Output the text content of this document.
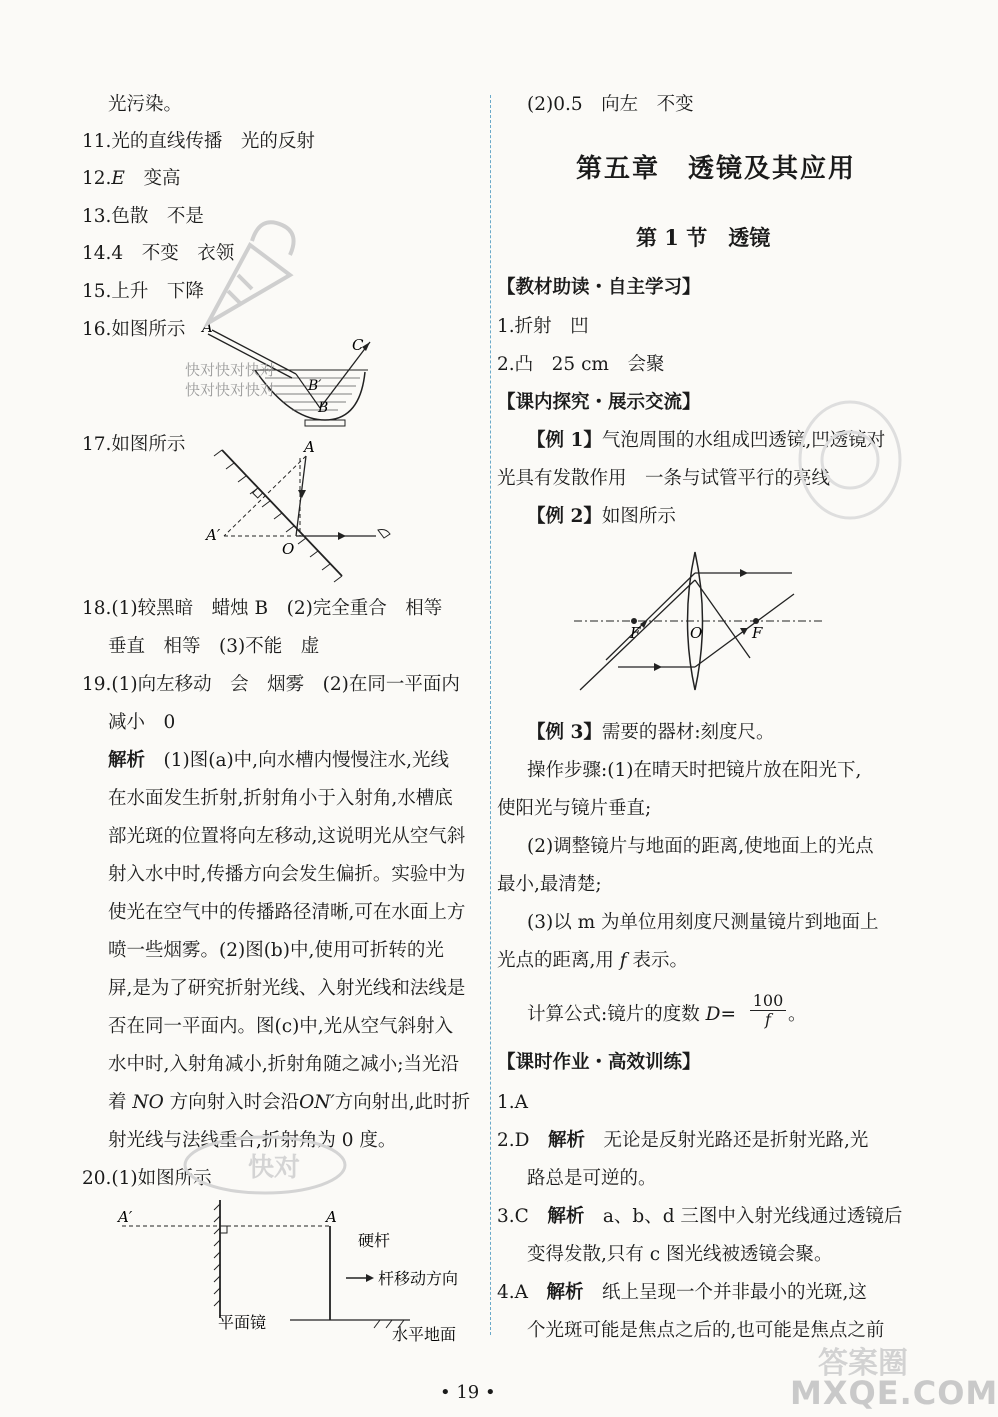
光污染。
11.光的直线传播　光的反射
12.E　变高
13.色散　不是
14.4　不变　衣领
15.上升　下降
16.如图所示 A
C
B′
B
17.如图所示	A
A′
O
18.(1)较黑暗　蜡烛 B　(2)完全重合　相等
垂直　相等　(3)不能　虚
19.(1)向左移动　会　烟雾　(2)在同一平面内
减小　0
解析　(1)图(a)中,向水槽内慢慢注水,光线
在水面发生折射,折射角小于入射角,水槽底
部光斑的位置将向左移动,这说明光从空气斜
射入水中时,传播方向会发生偏折。实验中为
使光在空气中的传播路径清晰,可在水面上方
喷一些烟雾。(2)图(b)中,使用可折转的光
屏,是为了研究折射光线、入射光线和法线是
否在同一平面内。图(c)中,光从空气斜射入
水中时,入射角减小,折射角随之减小;当光沿
着 NO 方向射入时会沿ON′方向射出,此时折
射光线与法线重合,折射角为 0 度。
20.(1)如图所示
A′	A
硬杆
杆移动方向
平面镜
水平地面
(2)0.5　向左　不变
第五章　透镜及其应用
第 1 节　透镜
【教材助读・自主学习】
1.折射　凹
2.凸　25 cm　会聚
【课内探究・展示交流】
【例 1】气泡周围的水组成凹透镜,凹透镜对
光具有发散作用　一条与试管平行的亮线
【例 2】如图所示
F	O	F
【例 3】需要的器材:刻度尺。
操作步骤:(1)在晴天时把镜片放在阳光下,
使阳光与镜片垂直;
(2)调整镜片与地面的距离,使地面上的光点
最小,最清楚;
(3)以 m 为单位用刻度尺测量镜片到地面上
光点的距离,用 f 表示。
计算公式:镜片的度数 $D= \frac{100}{f}$ 。
【课时作业・高效训练】
1.A
2.D　解析　无论是反射光路还是折射光路,光
路总是可逆的。
3.C　解析　a、b、d 三图中入射光线通过透镜后
变得发散,只有 c 图光线被透镜会聚。
4.A　解析　纸上呈现一个并非最小的光斑,这
个光斑可能是焦点之后的,也可能是焦点之前
• 19 •
快对快对快对
快对快对快对
快对
MXQE.COM
答案圈
